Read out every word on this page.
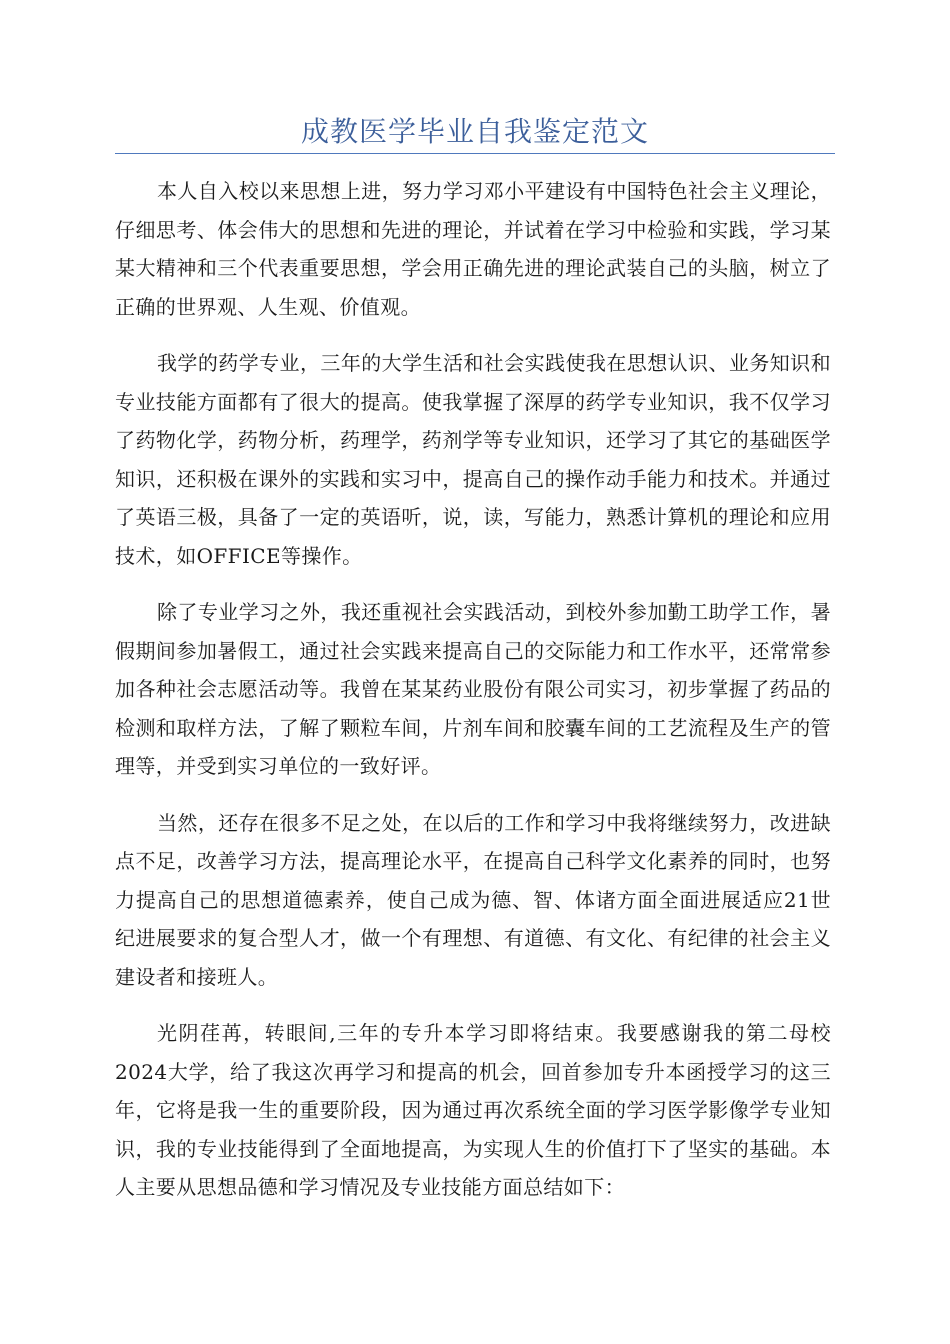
成教医学毕业自我鉴定范文

本人自入校以来思想上进，努力学习邓小平建设有中国特色社会主义理论，仔细思考、体会伟大的思想和先进的理论，并试着在学习中检验和实践，学习某某大精神和三个代表重要思想，学会用正确先进的理论武装自己的头脑，树立了正确的世界观、人生观、价值观。

我学的药学专业，三年的大学生活和社会实践使我在思想认识、业务知识和专业技能方面都有了很大的提高。使我掌握了深厚的药学专业知识，我不仅学习了药物化学，药物分析，药理学，药剂学等专业知识，还学习了其它的基础医学知识，还积极在课外的实践和实习中，提高自己的操作动手能力和技术。并通过了英语三极，具备了一定的英语听，说，读，写能力，熟悉计算机的理论和应用技术，如OFFICE等操作。

除了专业学习之外，我还重视社会实践活动，到校外参加勤工助学工作，暑假期间参加暑假工，通过社会实践来提高自己的交际能力和工作水平，还常常参加各种社会志愿活动等。我曾在某某药业股份有限公司实习，初步掌握了药品的检测和取样方法，了解了颗粒车间，片剂车间和胶囊车间的工艺流程及生产的管理等，并受到实习单位的一致好评。

当然，还存在很多不足之处，在以后的工作和学习中我将继续努力，改进缺点不足，改善学习方法，提高理论水平，在提高自己科学文化素养的同时，也努力提高自己的思想道德素养，使自己成为德、智、体诸方面全面进展适应21世纪进展要求的复合型人才，做一个有理想、有道德、有文化、有纪律的社会主义建设者和接班人。

光阴荏苒，转眼间,三年的专升本学习即将结束。我要感谢我的第二母校2024大学，给了我这次再学习和提高的机会，回首参加专升本函授学习的这三年，它将是我一生的重要阶段，因为通过再次系统全面的学习医学影像学专业知识，我的专业技能得到了全面地提高，为实现人生的价值打下了坚实的基础。本人主要从思想品德和学习情况及专业技能方面总结如下：
